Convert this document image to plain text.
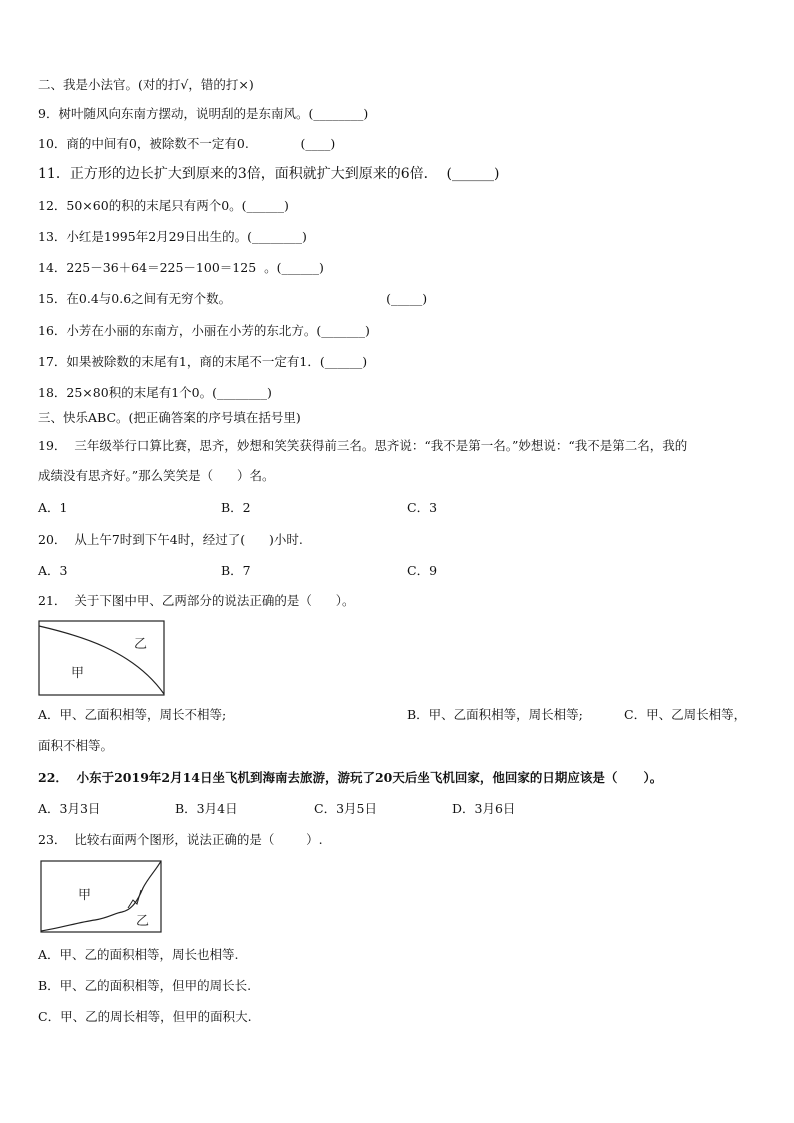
二、我是小法官。(对的打√，错的打×)
9．树叶随风向东南方摆动，说明刮的是东南风。(________)
10．商的中间有0，被除数不一定有0.             (____)
11．正方形的边长扩大到原来的3倍，面积就扩大到原来的6倍．  (______)
12．50×60的积的末尾只有两个0。(______)
13．小红是1995年2月29日出生的。(________)
14．225－36＋64＝225－100＝125  。(______)
15．在0.4与0.6之间有无穷个数。                                       (_____)
16．小芳在小丽的东南方，小丽在小芳的东北方。(_______)
17．如果被除数的末尾有1，商的末尾不一定有1．(______)
18．25×80积的末尾有1个0。(________)
三、快乐ABC。(把正确答案的序号填在括号里)
19．  三年级举行口算比赛，思齐，妙想和笑笑获得前三名。思齐说：“我不是第一名。”妙想说：“我不是第二名，我的
成绩没有思齐好。”那么笑笑是（      ）名。
A．1	B．2	C．3
20．  从上午7时到下午4时，经过了(      )小时.
A．3	B．7	C．9
21．  关于下图中甲、乙两部分的说法正确的是（      ）。
乙
甲
A．甲、乙面积相等，周长不相等;	B．甲、乙面积相等，周长相等;	C．甲、乙周长相等，
面积不相等。
22．  小东于2019年2月14日坐飞机到海南去旅游，游玩了20天后坐飞机回家，他回家的日期应该是（      ）。
A．3月3日	B．3月4日	C．3月5日	D．3月6日
23．  比较右面两个图形，说法正确的是（        ）.
甲
乙
A．甲、乙的面积相等，周长也相等.
B．甲、乙的面积相等，但甲的周长长.
C．甲、乙的周长相等，但甲的面积大.
